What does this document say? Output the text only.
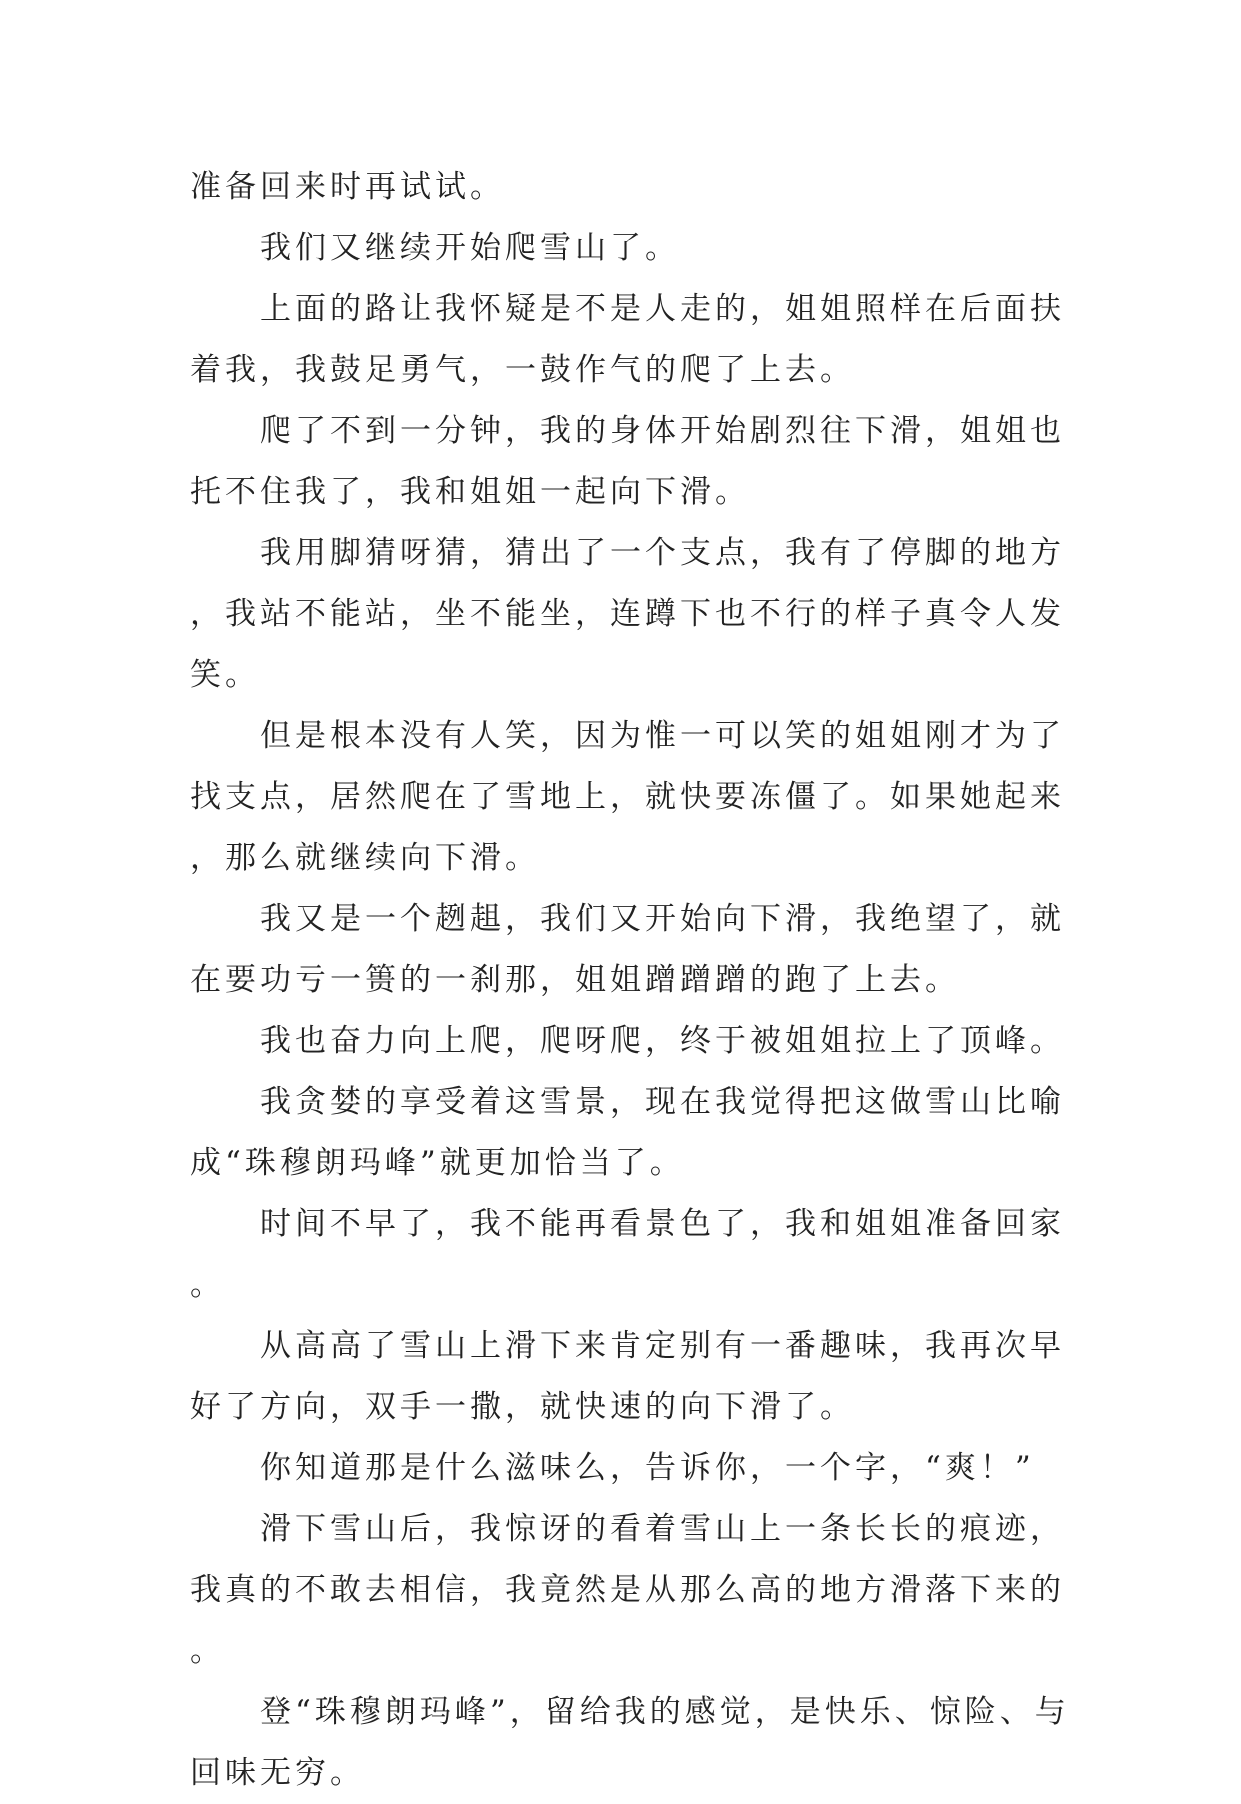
准备回来时再试试。

我们又继续开始爬雪山了。

上面的路让我怀疑是不是人走的，姐姐照样在后面扶着我，我鼓足勇气，一鼓作气的爬了上去。

爬了不到一分钟，我的身体开始剧烈往下滑，姐姐也托不住我了，我和姐姐一起向下滑。

我用脚猜呀猜，猜出了一个支点，我有了停脚的地方，我站不能站，坐不能坐，连蹲下也不行的样子真令人发笑。

但是根本没有人笑，因为惟一可以笑的姐姐刚才为了找支点，居然爬在了雪地上，就快要冻僵了。如果她起来，那么就继续向下滑。

我又是一个趔趄，我们又开始向下滑，我绝望了，就在要功亏一篑的一刹那，姐姐蹭蹭蹭的跑了上去。

我也奋力向上爬，爬呀爬，终于被姐姐拉上了顶峰。

我贪婪的享受着这雪景，现在我觉得把这做雪山比喻成“珠穆朗玛峰”就更加恰当了。

时间不早了，我不能再看景色了，我和姐姐准备回家。

从高高了雪山上滑下来肯定别有一番趣味，我再次早好了方向，双手一撒，就快速的向下滑了。

你知道那是什么滋味么，告诉你，一个字，“爽！”

滑下雪山后，我惊讶的看着雪山上一条长长的痕迹，我真的不敢去相信，我竟然是从那么高的地方滑落下来的。

登“珠穆朗玛峰”，留给我的感觉，是快乐、惊险、与回味无穷。
